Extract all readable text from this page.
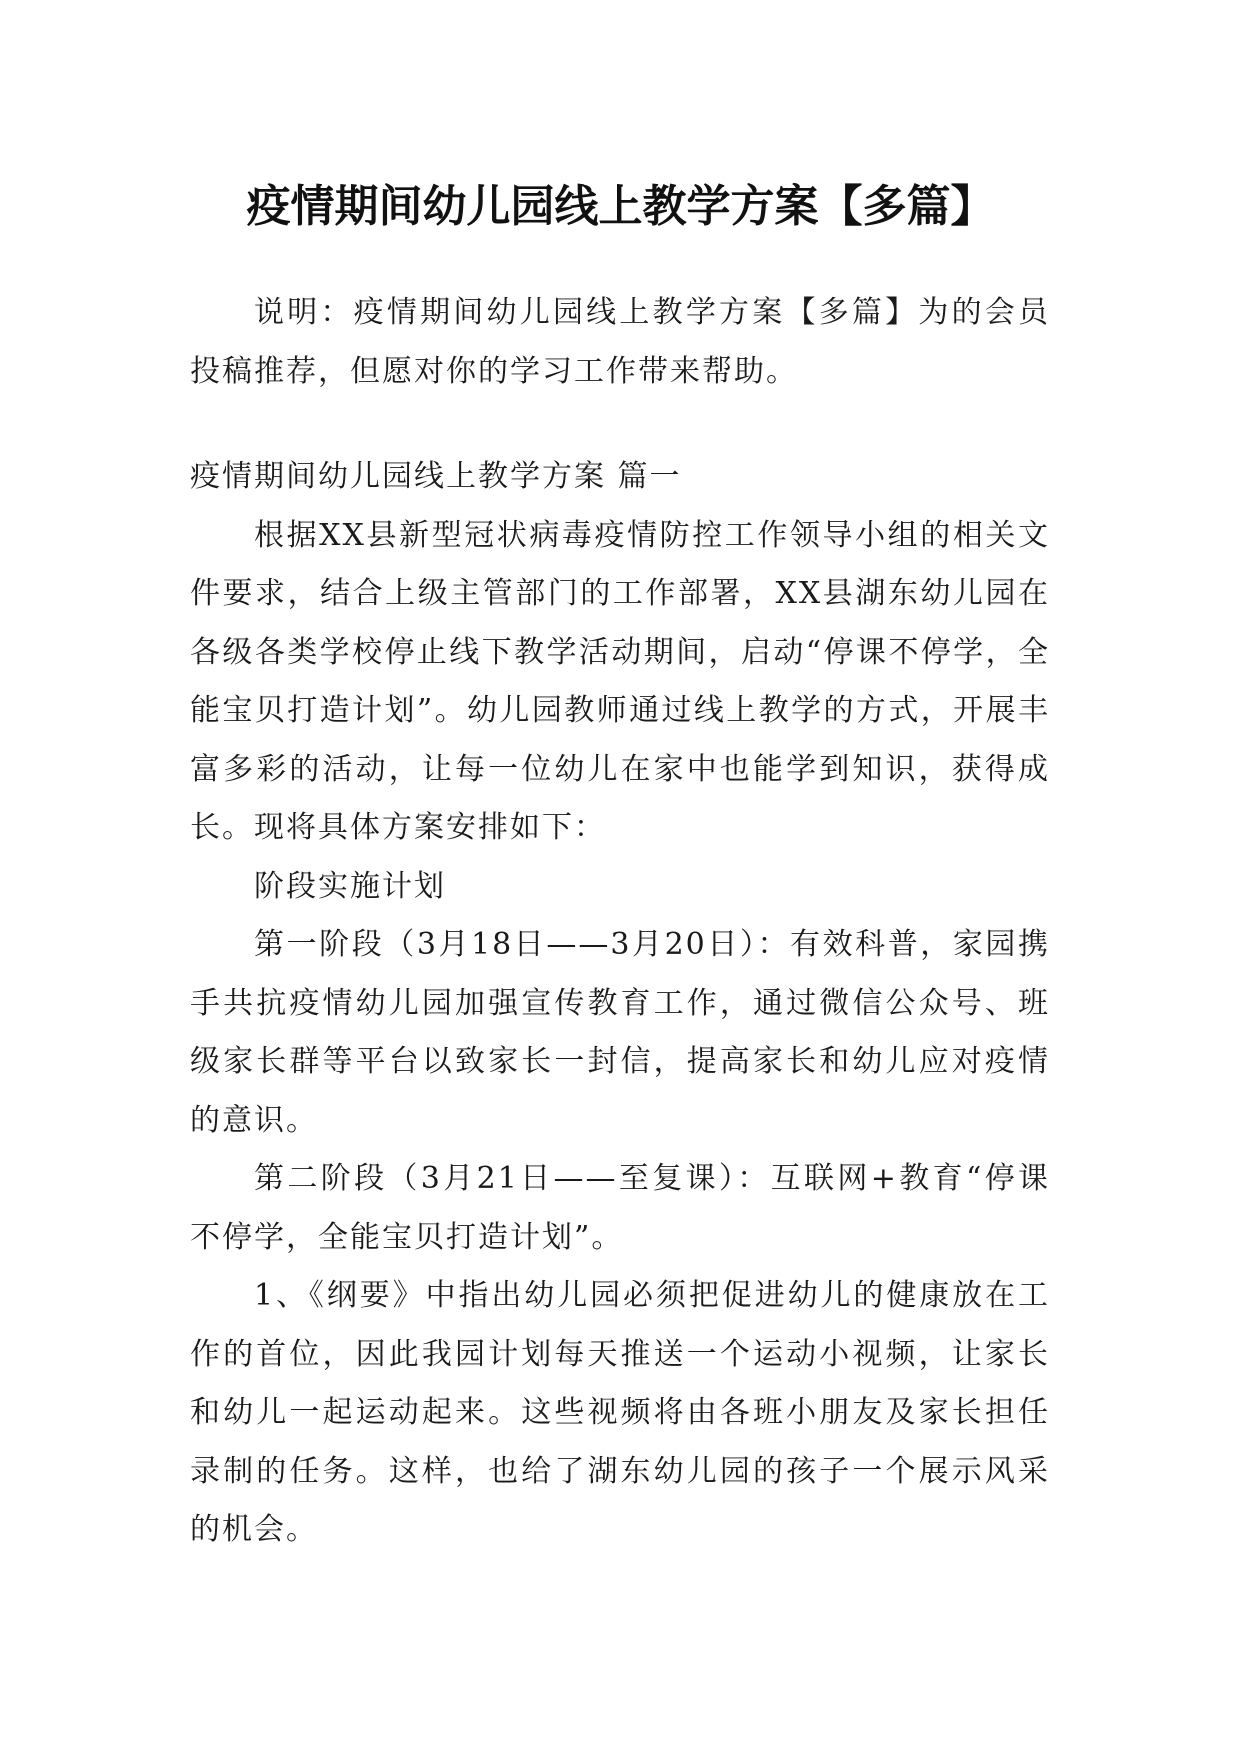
疫情期间幼儿园线上教学方案【多篇】

说明：疫情期间幼儿园线上教学方案【多篇】为的会员投稿推荐，但愿对你的学习工作带来帮助。

疫情期间幼儿园线上教学方案 篇一

根据XX县新型冠状病毒疫情防控工作领导小组的相关文件要求，结合上级主管部门的工作部署，XX县湖东幼儿园在各级各类学校停止线下教学活动期间，启动“停课不停学，全能宝贝打造计划”。幼儿园教师通过线上教学的方式，开展丰富多彩的活动，让每一位幼儿在家中也能学到知识，获得成长。现将具体方案安排如下：

阶段实施计划

第一阶段（3月18日——3月20日）：有效科普，家园携手共抗疫情幼儿园加强宣传教育工作，通过微信公众号、班级家长群等平台以致家长一封信，提高家长和幼儿应对疫情的意识。

第二阶段（3月21日——至复课）：互联网+教育“停课不停学，全能宝贝打造计划”。

1、《纲要》中指出幼儿园必须把促进幼儿的健康放在工作的首位，因此我园计划每天推送一个运动小视频，让家长和幼儿一起运动起来。这些视频将由各班小朋友及家长担任录制的任务。这样，也给了湖东幼儿园的孩子一个展示风采的机会。
